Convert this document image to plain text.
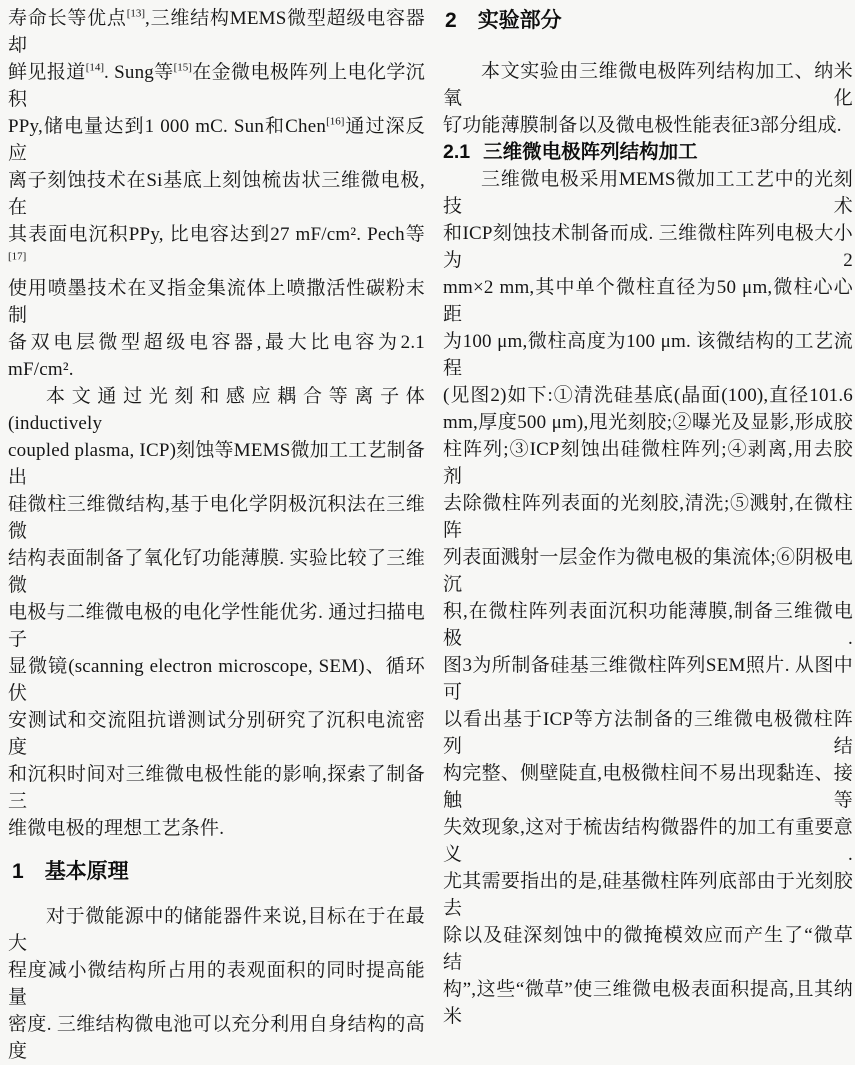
寿命长等优点[13],三维结构MEMS微型超级电容器却

鲜见报道[14]. Sung等[15]在金微电极阵列上电化学沉积

PPy,储电量达到1 000 mC. Sun和Chen[16]通过深反应

离子刻蚀技术在Si基底上刻蚀梳齿状三维微电极,在

其表面电沉积PPy, 比电容达到27 mF/cm². Pech等[17]

使用喷墨技术在叉指金集流体上喷撒活性碳粉末制

备双电层微型超级电容器,最大比电容为2.1 mF/cm².

本文通过光刻和感应耦合等离子体(inductively

coupled plasma, ICP)刻蚀等MEMS微加工工艺制备出

硅微柱三维微结构,基于电化学阴极沉积法在三维微

结构表面制备了氧化钌功能薄膜. 实验比较了三维微

电极与二维微电极的电化学性能优劣. 通过扫描电子

显微镜(scanning electron microscope, SEM)、循环伏

安测试和交流阻抗谱测试分别研究了沉积电流密度

和沉积时间对三维微电极性能的影响,探索了制备三

维微电极的理想工艺条件.

1 基本原理

对于微能源中的储能器件来说,目标在于在最大

程度减小微结构所占用的表观面积的同时提高能量

密度. 三维结构微电池可以充分利用自身结构的高度

2 实验部分

本文实验由三维微电极阵列结构加工、纳米氧化

钌功能薄膜制备以及微电极性能表征3部分组成.

2.1 三维微电极阵列结构加工

三维微电极采用MEMS微加工工艺中的光刻技术

和ICP刻蚀技术制备而成. 三维微柱阵列电极大小为2

mm×2 mm,其中单个微柱直径为50 μm,微柱心心距

为100 μm,微柱高度为100 μm. 该微结构的工艺流程

(见图2)如下:①清洗硅基底(晶面(100),直径101.6

mm,厚度500 μm),甩光刻胶;②曝光及显影,形成胶

柱阵列;③ICP刻蚀出硅微柱阵列;④剥离,用去胶剂

去除微柱阵列表面的光刻胶,清洗;⑤溅射,在微柱阵

列表面溅射一层金作为微电极的集流体;⑥阴极电沉

积,在微柱阵列表面沉积功能薄膜,制备三维微电极.

图3为所制备硅基三维微柱阵列SEM照片. 从图中可

以看出基于ICP等方法制备的三维微电极微柱阵列结

构完整、侧壁陡直,电极微柱间不易出现黏连、接触等

失效现象,这对于梳齿结构微器件的加工有重要意义.

尤其需要指出的是,硅基微柱阵列底部由于光刻胶去

除以及硅深刻蚀中的微掩模效应而产生了“微草结

构”,这些“微草”使三维微电极表面积提高,且其纳米
